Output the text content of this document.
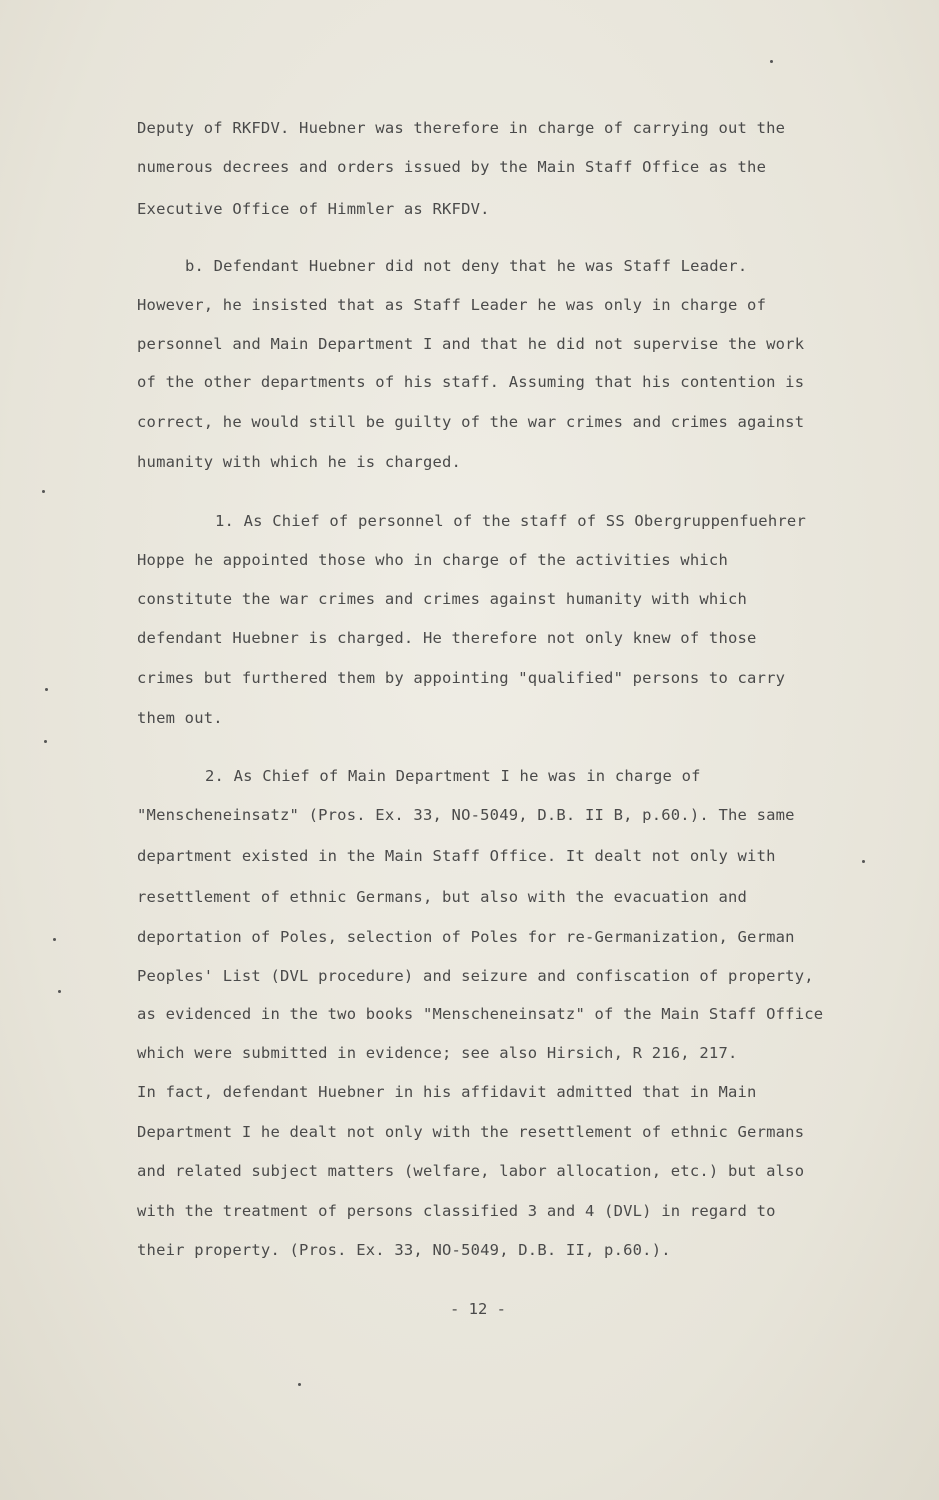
Deputy of RKFDV. Huebner was therefore in charge of carrying out the
numerous decrees and orders issued by the Main Staff Office as the
Executive Office of Himmler as RKFDV.
b. Defendant Huebner did not deny that he was Staff Leader.
However, he insisted that as Staff Leader he was only in charge of
personnel and Main Department I and that he did not supervise the work
of the other departments of his staff. Assuming that his contention is
correct, he would still be guilty of the war crimes and crimes against
humanity with which he is charged.
1. As Chief of personnel of the staff of SS Obergruppenfuehrer
Hoppe he appointed those who in charge of the activities which
constitute the war crimes and crimes against humanity with which
defendant Huebner is charged. He therefore not only knew of those
crimes but furthered them by appointing "qualified" persons to carry
them out.
2. As Chief of Main Department I he was in charge of
"Menscheneinsatz" (Pros. Ex. 33, NO-5049, D.B. II B, p.60.). The same
department existed in the Main Staff Office. It dealt not only with
resettlement of ethnic Germans, but also with the evacuation and
deportation of Poles, selection of Poles for re-Germanization, German
Peoples' List (DVL procedure) and seizure and confiscation of property,
as evidenced in the two books "Menscheneinsatz" of the Main Staff Office
which were submitted in evidence; see also Hirsich, R 216, 217.
In fact, defendant Huebner in his affidavit admitted that in Main
Department I he dealt not only with the resettlement of ethnic Germans
and related subject matters (welfare, labor allocation, etc.) but also
with the treatment of persons classified 3 and 4 (DVL) in regard to
their property. (Pros. Ex. 33, NO-5049, D.B. II, p.60.).
- 12 -
